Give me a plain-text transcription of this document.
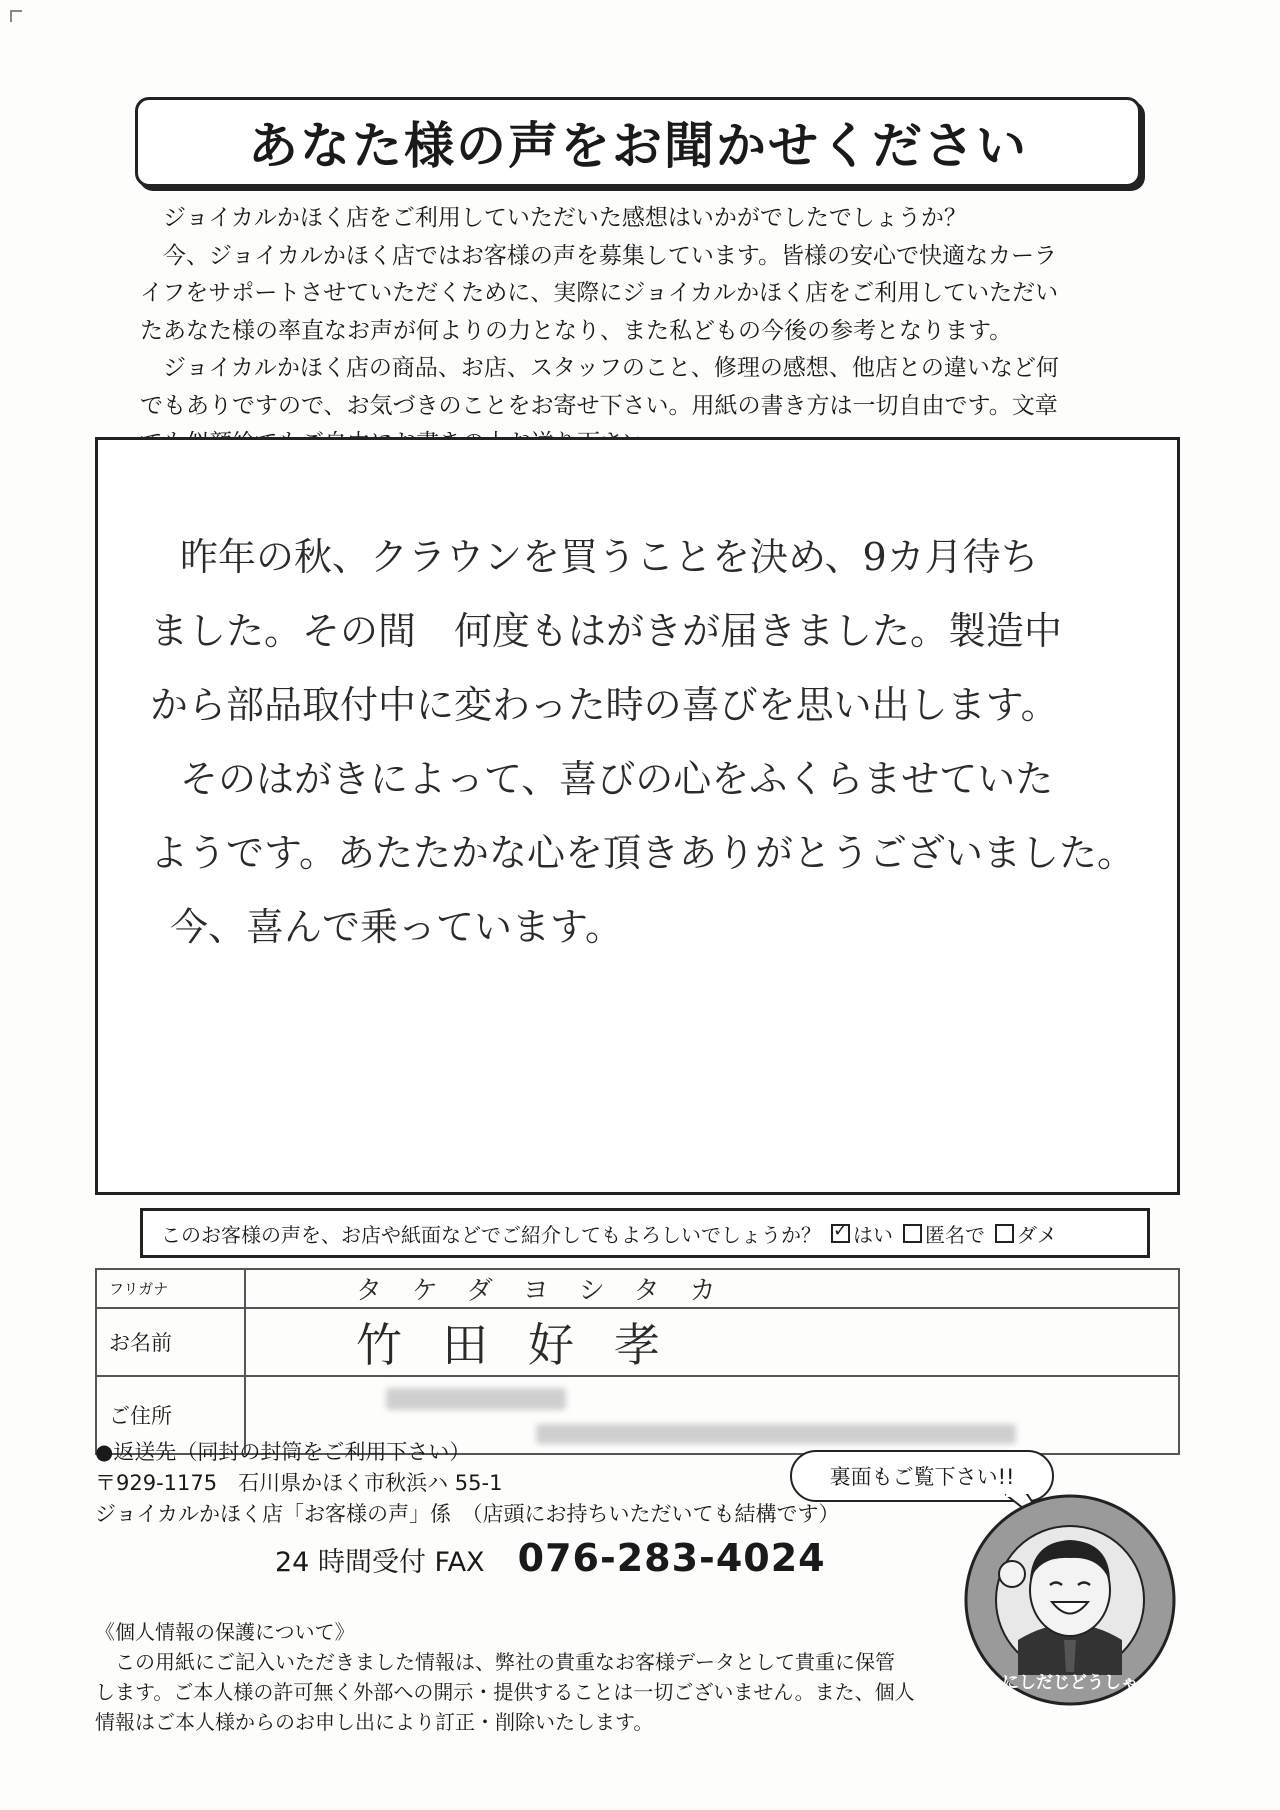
あなた様の声をお聞かせください

ジョイカルかほく店をご利用していただいた感想はいかがでしたでしょうか？

今、ジョイカルかほく店ではお客様の声を募集しています。皆様の安心で快適なカーラ

イフをサポートさせていただくために、実際にジョイカルかほく店をご利用していただい

たあなた様の率直なお声が何よりの力となり、また私どもの今後の参考となります。

ジョイカルかほく店の商品、お店、スタッフのこと、修理の感想、他店との違いなど何

でもありですので、お気づきのことをお寄せ下さい。用紙の書き方は一切自由です。文章

昨年の秋、クラウンを買うことを決め、9カ月待ち

ました。その間　何度もはがきが届きました。製造中

から部品取付中に変わった時の喜びを思い出します。

そのはがきによって、喜びの心をふくらませていた

ようです。あたたかな心を頂きありがとうございました。

今、喜んで乗っています。

このお客様の声を、お店や紙面などでご紹介してもよろしいでしょうか？ ✓ はい 匿名で ダメ
フリガナ	タケダヨシタカ
お名前	竹田好孝
ご住所	

●返送先（同封の封筒をご利用下さい）

〒929-1175　石川県かほく市秋浜ハ 55-1

ジョイカルかほく店「お客様の声」係　（店頭にお持ちいただいても結構です）

24 時間受付 FAX 076-283-4024
裏面もご覧下さい!!
にしだじどうしゃ

《個人情報の保護について》

この用紙にご記入いただきました情報は、弊社の貴重なお客様データとして貴重に保管

します。ご本人様の許可無く外部への開示・提供することは一切ございません。また、個人

情報はご本人様からのお申し出により訂正・削除いたします。
